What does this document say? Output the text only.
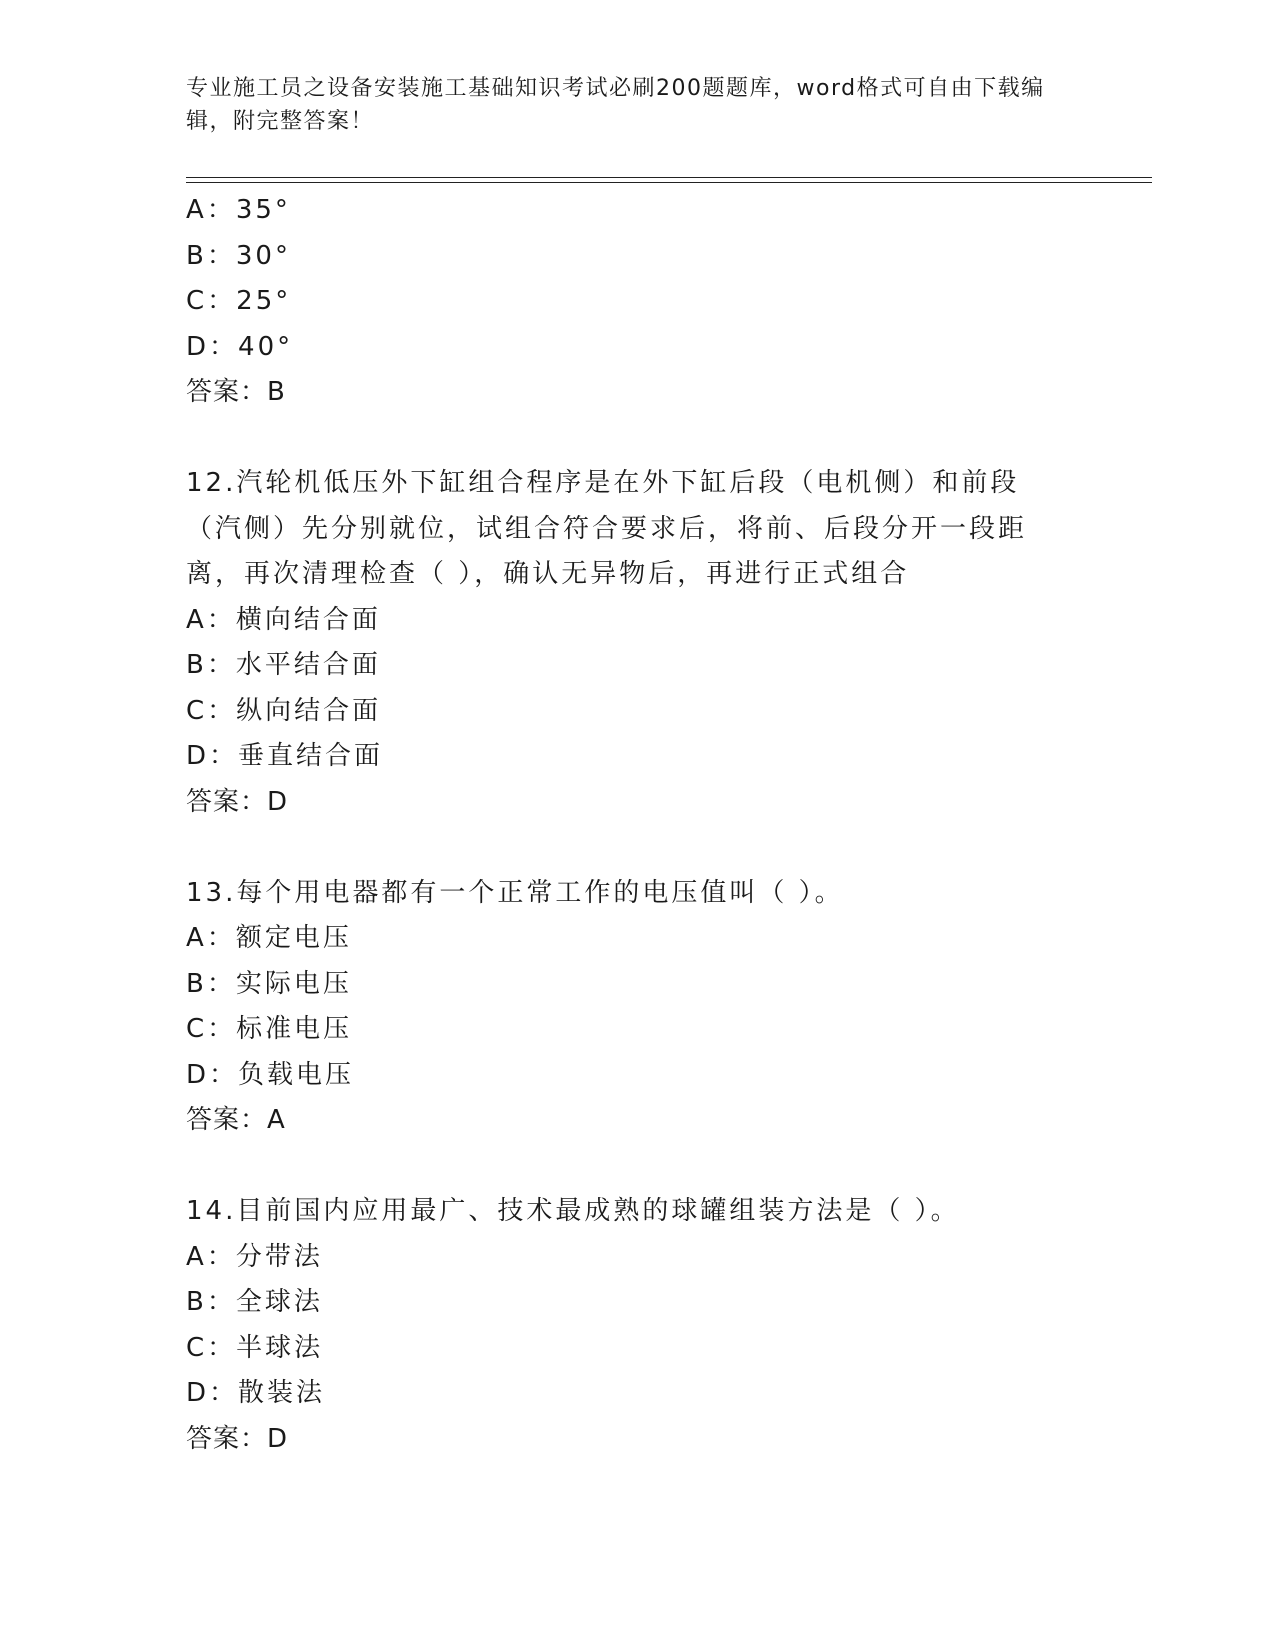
专业施工员之设备安装施工基础知识考试必刷200题题库，word格式可自由下载编辑，附完整答案！
A：35°
B：30°
C：25°
D：40°
答案：B
12.汽轮机低压外下缸组合程序是在外下缸后段（电机侧）和前段（汽侧）先分别就位，试组合符合要求后，将前、后段分开一段距离，再次清理检查（ ），确认无异物后，再进行正式组合
A：横向结合面
B：水平结合面
C：纵向结合面
D：垂直结合面
答案：D
13.每个用电器都有一个正常工作的电压值叫（ ）。
A：额定电压
B：实际电压
C：标准电压
D：负载电压
答案：A
14.目前国内应用最广、技术最成熟的球罐组装方法是（ ）。
A：分带法
B：全球法
C：半球法
D：散装法
答案：D
